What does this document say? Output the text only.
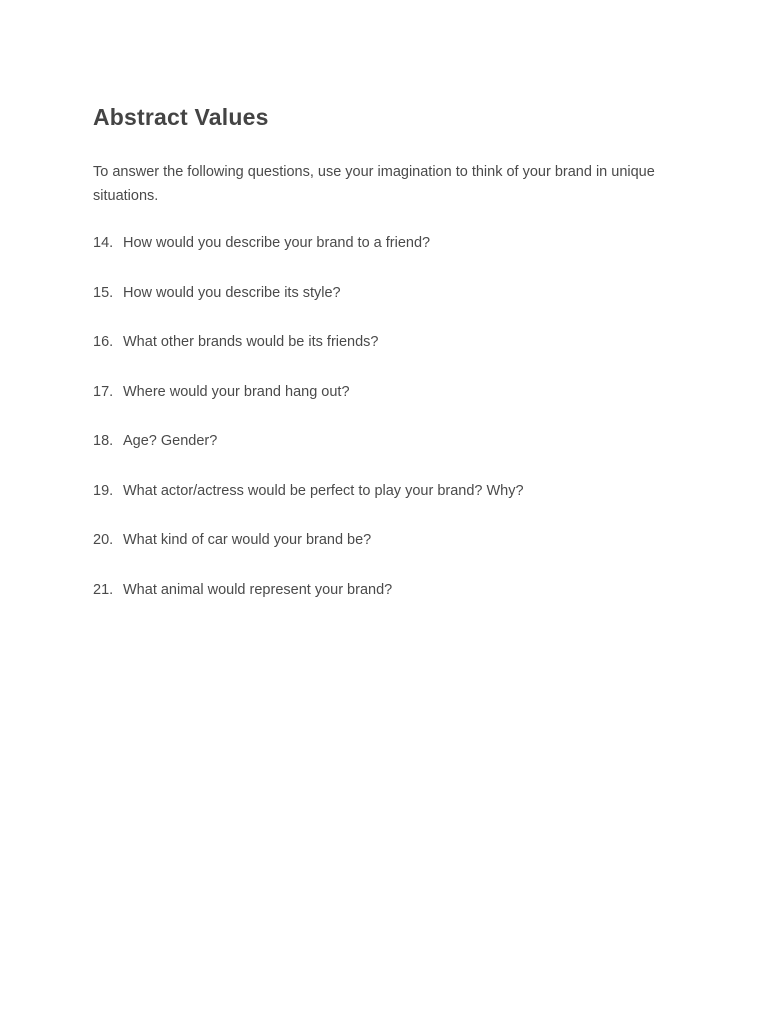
Abstract Values

To answer the following questions, use your imagination to think of your brand in unique situations.

14. How would you describe your brand to a friend?
15. How would you describe its style?
16. What other brands would be its friends?
17. Where would your brand hang out?
18. Age? Gender?
19. What actor/actress would be perfect to play your brand? Why?
20. What kind of car would your brand be?
21. What animal would represent your brand?
